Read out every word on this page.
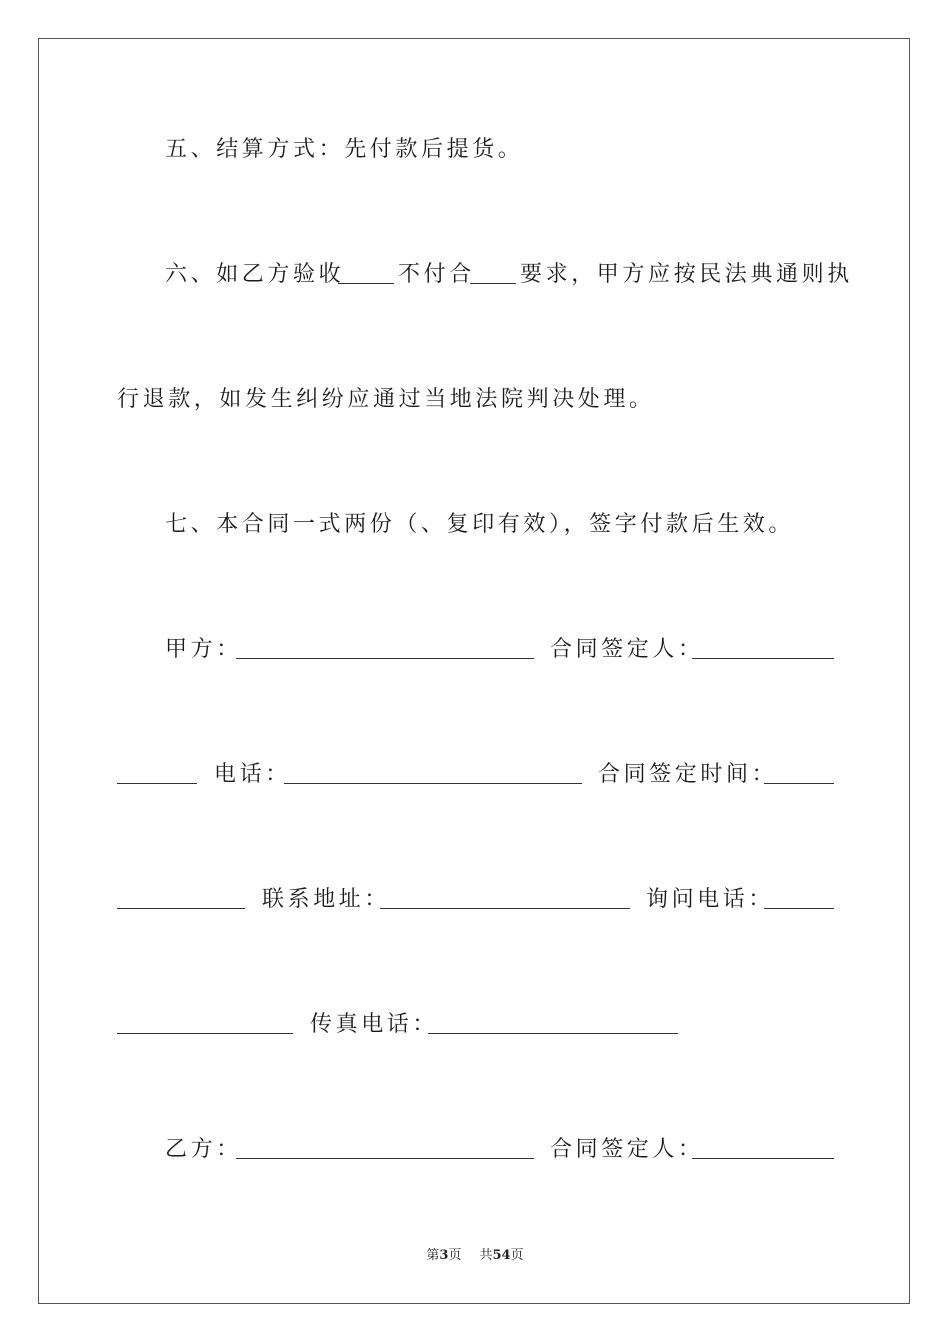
五、结算方式：先付款后提货。
六、如乙方验收 不付合 要求，甲方应按民法典通则执
行退款，如发生纠纷应通过当地法院判决处理。
七、本合同一式两份（、复印有效），签字付款后生效。
甲方：	合同签定人：
电话：	合同签定时间：
联系地址：	询问电话：
传真电话：
乙方：	合同签定人：
第3页 共54页
